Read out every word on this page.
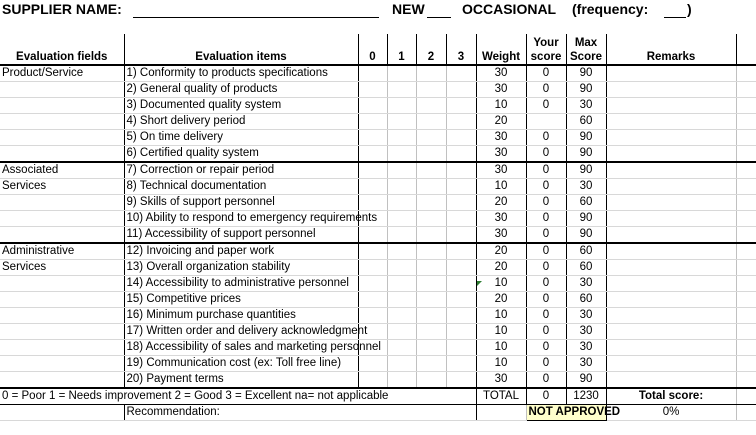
SUPPLIER NAME:	NEW	OCCASIONAL (frequency:	)
Evaluation fields	Evaluation items	0	1	2	3	Weight	Your score	Max Score	Remarks	
Product/Service	1) Conformity to products specifications					30	0	90		
	2) General quality of products					30	0	90		
	3) Documented quality system					10	0	30		
	4) Short delivery period					20		60		
	5) On time delivery					30	0	90		
	6) Certified quality system					30	0	90		
Associated	7) Correction or repair period					30	0	90		
Services	8) Technical documentation					10	0	30		
	9) Skills of support personnel					20	0	60		
	10) Ability to respond to emergency requirements					30	0	90		
	11) Accessibility of support personnel					30	0	90		
Administrative	12) Invoicing and paper work					20	0	60		
Services	13) Overall organization stability					20	0	60		
	14) Accessibility to administrative personnel					10	0	30		
	15) Competitive prices					20	0	60		
	16) Minimum purchase quantities					10	0	30		
	17) Written order and delivery acknowledgment					10	0	30		
	18) Accessibility of sales and marketing personnel					10	0	30		
	19) Communication cost (ex: Toll free line)					10	0	30		
	20) Payment terms					30	0	90		
0 = Poor 1 = Needs improvement 2 = Good 3 = Excellent na= not applicable						TOTAL	0	1230	Total score:	
	Recommendation:						NOT APPROVED		0%	
